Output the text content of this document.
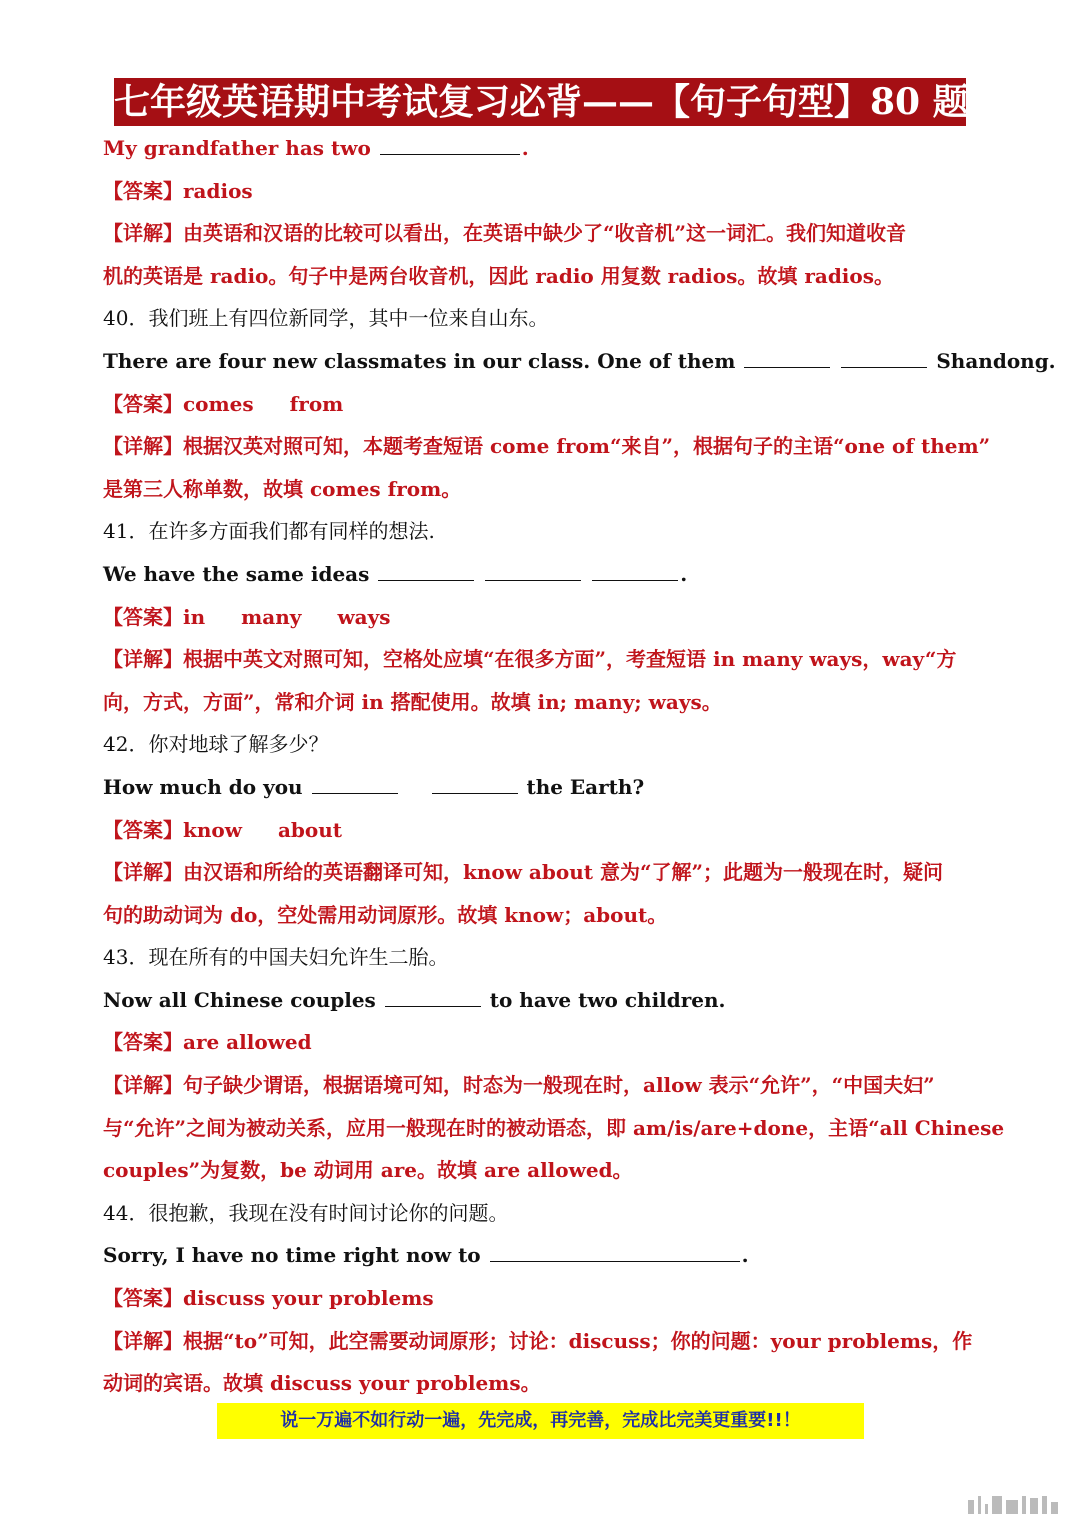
七年级英语期中考试复习必背——【句子句型】80 题
My grandfather has two	.
【答案】radios
【详解】由英语和汉语的比较可以看出，在英语中缺少了“收音机”这一词汇。我们知道收音
机的英语是 radio。句子中是两台收音机，因此 radio 用复数 radios。故填 radios。
40．我们班上有四位新同学，其中一位来自山东。
There are four new classmates in our class. One of them	Shandong.
【答案】comes from
【详解】根据汉英对照可知，本题考查短语 come from“来自”，根据句子的主语“one of them”
是第三人称单数，故填 comes from。
41．在许多方面我们都有同样的想法.
We have the same ideas	.
【答案】in many ways
【详解】根据中英文对照可知，空格处应填“在很多方面”，考查短语 in many ways，way“方
向，方式，方面”，常和介词 in 搭配使用。故填 in; many; ways。
42．你对地球了解多少？
How much do you	the Earth?
【答案】know about
【详解】由汉语和所给的英语翻译可知，know about 意为“了解”；此题为一般现在时，疑问
句的助动词为 do，空处需用动词原形。故填 know；about。
43．现在所有的中国夫妇允许生二胎。
Now all Chinese couples	to have two children.
【答案】are allowed
【详解】句子缺少谓语，根据语境可知，时态为一般现在时，allow 表示“允许”，“中国夫妇”
与“允许”之间为被动关系，应用一般现在时的被动语态，即 am/is/are+done，主语“all Chinese
couples”为复数，be 动词用 are。故填 are allowed。
44．很抱歉，我现在没有时间讨论你的问题。
Sorry, I have no time right now to	.
【答案】discuss your problems
【详解】根据“to”可知，此空需要动词原形；讨论：discuss；你的问题：your problems，作
动词的宾语。故填 discuss your problems。
说一万遍不如行动一遍，先完成，再完善，完成比完美更重要!!！
